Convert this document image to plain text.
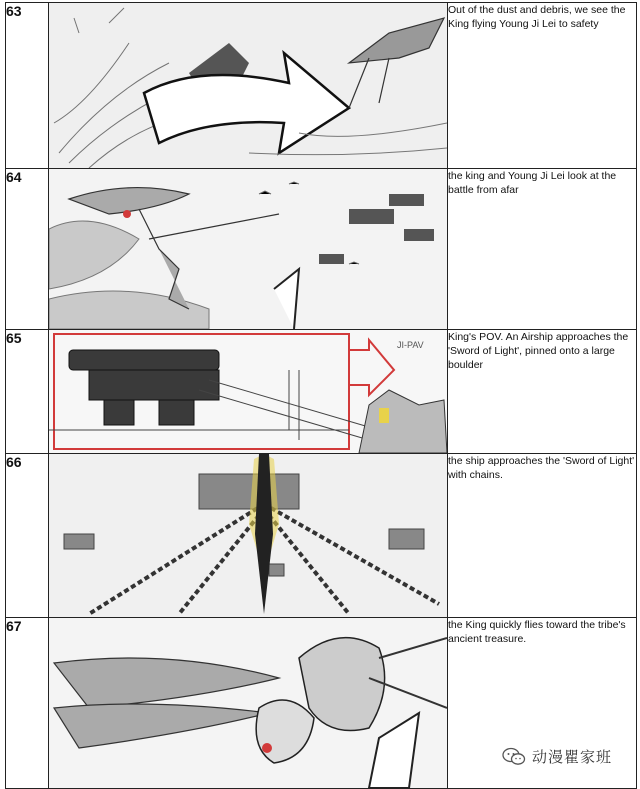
63		Out of the dust and debris, we see the King flying Young Ji Lei to safety
64		the king and Young Ji Lei look at the battle from afar
65	JI-PAV	King's POV. An Airship approaches the 'Sword of Light', pinned onto a large boulder
66		the ship approaches the 'Sword of Light' with chains.
67		the King quickly flies toward the tribe's ancient treasure.
动漫瞿家班
